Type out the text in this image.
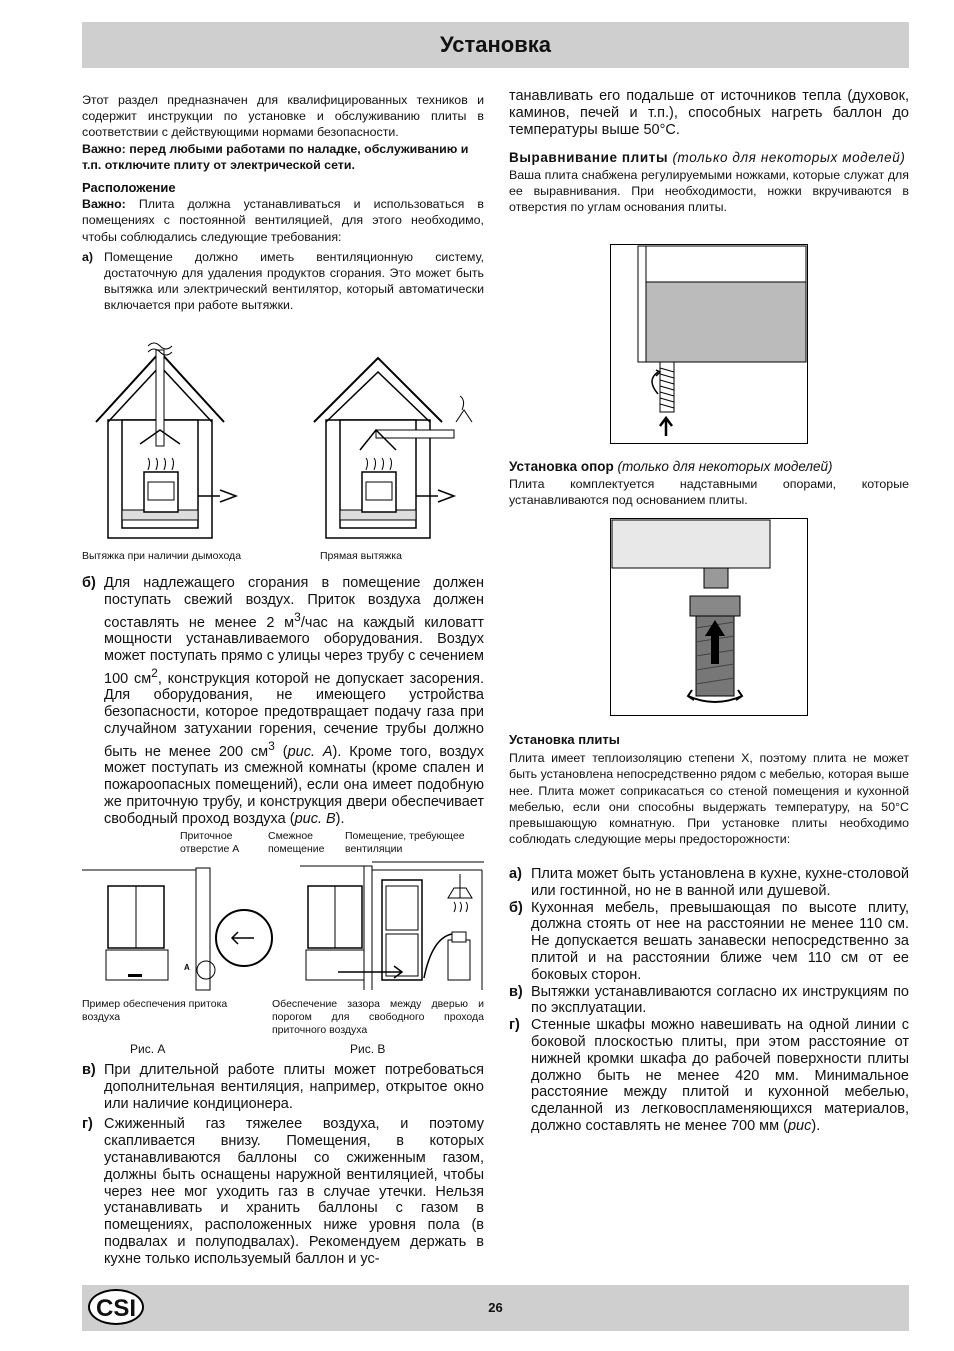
Установка

Этот раздел предназначен для квалифицированных техников и содержит инструкции по установке и обслуживанию плиты в соответствии с действующими нормами безопасности.

Важно: перед любыми работами по наладке, обслуживанию и т.п. отключите плиту от электрической сети.

Расположение

Важно: Плита должна устанавливаться и использоваться в помещениях с постоянной вентиляцией, для этого необходимо, чтобы соблюдались следующие требования:

а) Помещение должно иметь вентиляционную систему, достаточную для удаления продуктов сгорания. Это может быть вытяжка или электрический вентилятор, который автоматически включается при работе вытяжки.
Вытяжка при наличии дымохода	Прямая вытяжка
б) Для надлежащего сгорания в помещение должен поступать свежий воздух. Приток воздуха должен составлять не менее 2 $м^3$/час на каждый киловатт мощности устанавливаемого оборудования. Воздух может поступать прямо с улицы через трубу с сечением 100 $см^2$, конструкция которой не допускает засорения. Для оборудования, не имеющего устройства безопасности, которое предотвращает подачу газа при случайном затухании горения, сечение трубы должно быть не менее 200 $см^3$ (рис. А). Кроме того, воздух может поступать из смежной комнаты (кроме спален и пожароопасных помещений), если она имеет подобную же приточную трубу, и конструкция двери обеспечивает свободный проход воздуха (рис. В).
Приточное отверстие А
Смежное помещение
Помещение, требующее вентиляции
А
Пример обеспечения притока воздуха
Обеспечение зазора между дверью и порогом для свободного прохода приточного воздуха
Рис. А	Рис. В
в) При длительной работе плиты может потребоваться дополнительная вентиляция, например, открытое окно или наличие кондиционера.
г) Сжиженный газ тяжелее воздуха, и поэтому скапливается внизу. Помещения, в которых устанавливаются баллоны со сжиженным газом, должны быть оснащены наружной вентиляцией, чтобы через нее мог уходить газ в случае утечки. Нельзя устанавливать и хранить баллоны с газом в помещениях, расположенных ниже уровня пола (в подвалах и полуподвалах). Рекомендуем держать в кухне только используемый баллон и ус-

танавливать его подальше от источников тепла (духовок, каминов, печей и т.п.), способных нагреть баллон до температуры выше 50°С.

Выравнивание плиты (только для некоторых моделей)

Ваша плита снабжена регулируемыми ножками, которые служат для ее выравнивания. При необходимости, ножки вкручиваются в отверстия по углам основания плиты.

Установка опор (только для некоторых моделей)

Плита комплектуется надставными опорами, которые устанавливаются под основанием плиты.

Установка плиты

Плита имеет теплоизоляцию степени Х, поэтому плита не может быть установлена непосредственно рядом с мебелью, которая выше нее. Плита может соприкасаться со стеной помещения и кухонной мебелью, если они способны выдержать температуру, на 50°С превышающую комнатную. При установке плиты необходимо соблюдать следующие меры предосторожности:

а) Плита может быть установлена в кухне, кухне-столовой или гостинной, но не в ванной или душевой.
б) Кухонная мебель, превышающая по высоте плиту, должна стоять от нее на расстоянии не менее 110 см. Не допускается вешать занавески непосредственно за плитой и на расстоянии ближе чем 110 см от ее боковых сторон.
в) Вытяжки устанавливаются согласно их инструкциям по по эксплуатации.
г) Стенные шкафы можно навешивать на одной линии с боковой плоскостью плиты, при этом расстояние от нижней кромки шкафа до рабочей поверхности плиты должно быть не менее 420 мм. Минимальное расстояние между плитой и кухонной мебелью, сделанной из легковоспламеняющихся материалов, должно составлять не менее 700 мм (рис).
CSI	26
